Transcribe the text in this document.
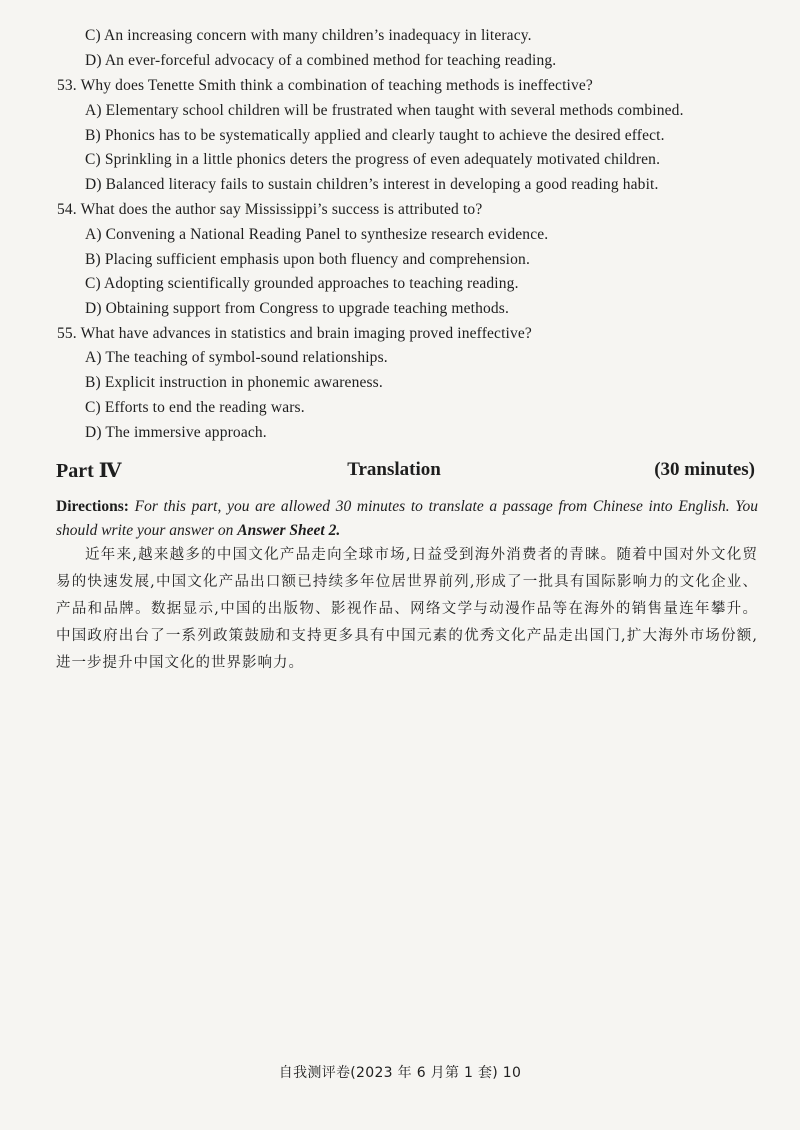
C) An increasing concern with many children’s inadequacy in literacy.
D) An ever-forceful advocacy of a combined method for teaching reading.
53. Why does Tenette Smith think a combination of teaching methods is ineffective?
A) Elementary school children will be frustrated when taught with several methods combined.
B) Phonics has to be systematically applied and clearly taught to achieve the desired effect.
C) Sprinkling in a little phonics deters the progress of even adequately motivated children.
D) Balanced literacy fails to sustain children’s interest in developing a good reading habit.
54. What does the author say Mississippi’s success is attributed to?
A) Convening a National Reading Panel to synthesize research evidence.
B) Placing sufficient emphasis upon both fluency and comprehension.
C) Adopting scientifically grounded approaches to teaching reading.
D) Obtaining support from Congress to upgrade teaching methods.
55. What have advances in statistics and brain imaging proved ineffective?
A) The teaching of symbol-sound relationships.
B) Explicit instruction in phonemic awareness.
C) Efforts to end the reading wars.
D) The immersive approach.
Part Ⅳ	Translation	(30 minutes)
Directions: For this part, you are allowed 30 minutes to translate a passage from Chinese into English. You should write your answer on Answer Sheet 2.
近年来,越来越多的中国文化产品走向全球市场,日益受到海外消费者的青睐。随着中国对外文化贸易的快速发展,中国文化产品出口额已持续多年位居世界前列,形成了一批具有国际影响力的文化企业、产品和品牌。数据显示,中国的出版物、影视作品、网络文学与动漫作品等在海外的销售量连年攀升。中国政府出台了一系列政策鼓励和支持更多具有中国元素的优秀文化产品走出国门,扩大海外市场份额,进一步提升中国文化的世界影响力。
自我测评卷(2023 年 6 月第 1 套) 10
